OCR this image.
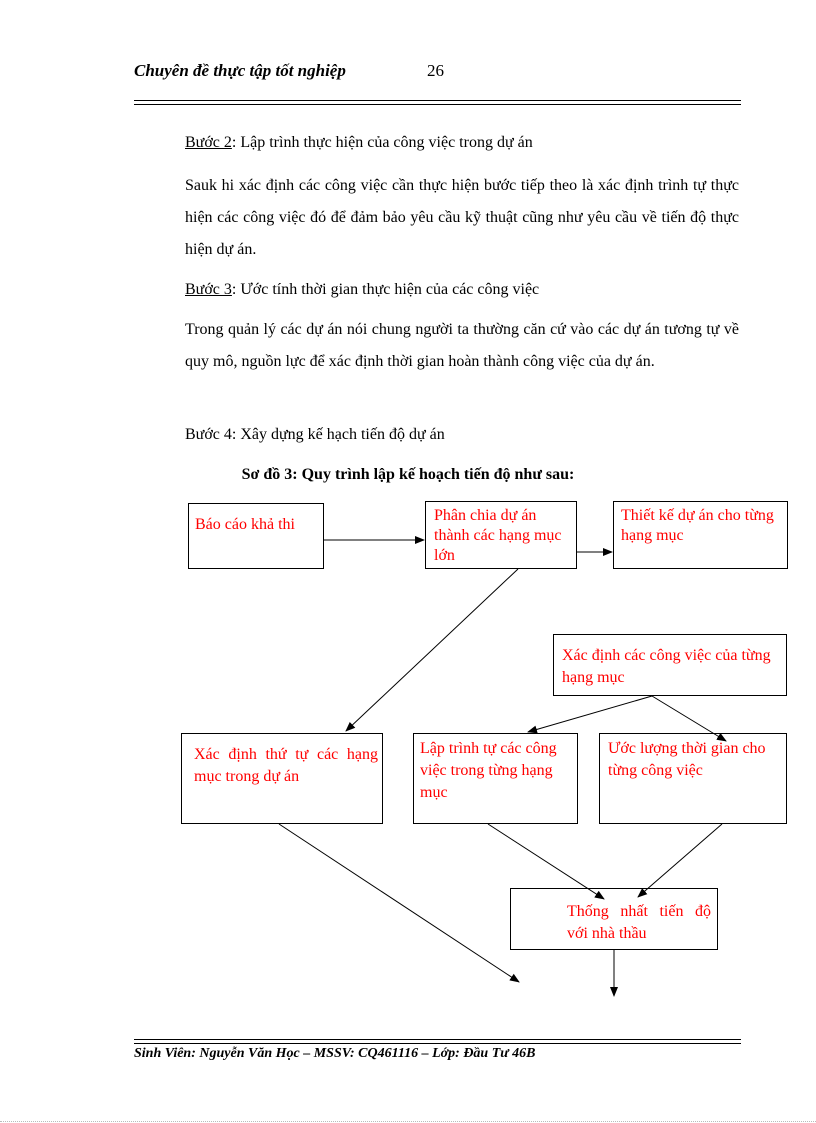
Chuyên đề thực tập tốt nghiệp	26
Bước 2: Lập trình thực hiện của công việc trong dự án
Sauk hi xác định các công việc cần thực hiện bước tiếp theo là xác định trình tự thực hiện các công việc đó để đảm bảo yêu cầu kỹ thuật cũng như yêu cầu về tiến độ thực hiện dự án.
Bước 3: Ước tính thời gian thực hiện của các công việc
Trong quản lý các dự án nói chung người ta thường căn cứ vào các dự án tương tự về quy mô, nguồn lực để xác định thời gian hoàn thành công việc của dự án.
Bước 4: Xây dựng kế hạch tiến độ dự án
Sơ đồ 3: Quy trình lập kế hoạch tiến độ như sau:
Báo cáo khả thi
Phân chia dự án thành các hạng mục lớn
Thiết kế dự án cho từng hạng mục
Xác định các công việc của từng hạng mục
Xác định thứ tự các hạng mục trong dự án
Lập trình tự các công việc trong từng hạng mục
Ước lượng thời gian cho từng công việc
Thống nhất tiến độ với nhà thầu
Sinh Viên: Nguyễn Văn Học – MSSV: CQ461116 – Lớp: Đầu Tư 46B
